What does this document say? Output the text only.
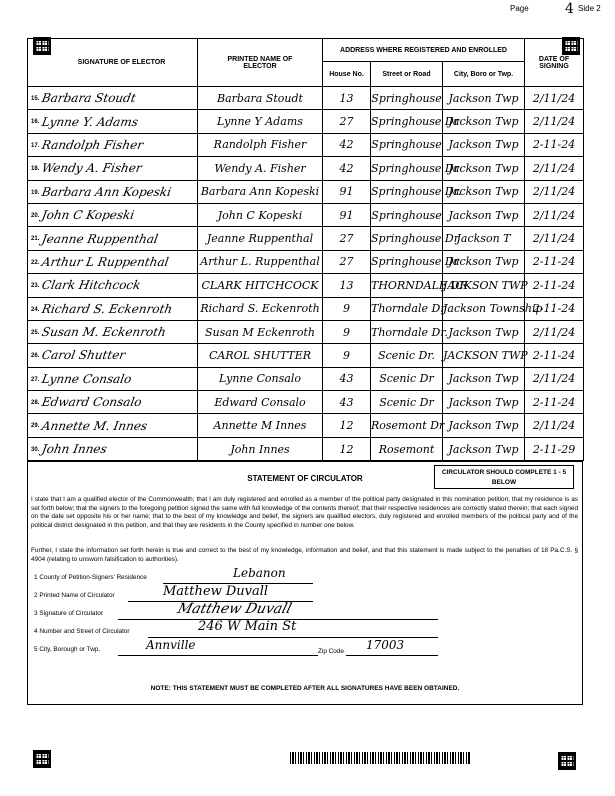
Page	4 Side 2
SIGNATURE OF ELECTOR	PRINTED NAME OF ELECTOR	ADDRESS WHERE REGISTERED AND ENROLLED			DATE OF SIGNING
		House No.	Street or Road	City, Boro or Twp.	

15. Barbara Stoudt	Barbara Stoudt	13	Springhouse	Jackson Twp	2/11/24

16. Lynne Y. Adams	Lynne Y Adams	27	Springhouse Dr	Jackson Twp	2/11/24

17. Randolph Fisher	Randolph Fisher	42	Springhouse	Jackson Twp	2-11-24

18. Wendy A. Fisher	Wendy A. Fisher	42	Springhouse Dr	Jackson Twp	2/11/24

19. Barbara Ann Kopeski	Barbara Ann Kopeski	91	Springhouse Dr.	Jackson Twp	2/11/24

20. John C Kopeski	John C Kopeski	91	Springhouse	Jackson Twp	2/11/24

21. Jeanne Ruppenthal	Jeanne Ruppenthal	27	Springhouse Dr	Jackson T	2/11/24

22. Arthur L Ruppenthal	Arthur L. Ruppenthal	27	Springhouse Dr	Jackson Twp	2-11-24

23. Clark Hitchcock	CLARK HITCHCOCK	13	THORNDALE DR	JACKSON TWP	2-11-24

24. Richard S. Eckenroth	Richard S. Eckenroth	9	Thorndale Dr	Jackson Township	2-11-24

25. Susan M. Eckenroth	Susan M Eckenroth	9	Thorndale Dr.	Jackson Twp	2/11/24

26. Carol Shutter	CAROL SHUTTER	9	Scenic Dr.	JACKSON TWP	2-11-24

27. Lynne Consalo	Lynne Consalo	43	Scenic Dr	Jackson Twp	2/11/24

28. Edward Consalo	Edward Consalo	43	Scenic Dr	Jackson Twp	2-11-24

29. Annette M. Innes	Annette M Innes	12	Rosemont Dr	Jackson Twp	2/11/24

30. John Innes	John Innes	12	Rosemont	Jackson Twp	2-11-29
STATEMENT OF CIRCULATOR
CIRCULATOR SHOULD COMPLETE 1 - 5 BELOW
I state that I am a qualified elector of the Commonwealth; that I am duly registered and enrolled as a member of the political party designated in this nomination petition; that my residence is as set forth below; that the signers to the foregoing petition signed the same with full knowledge of the contents thereof; that their respective residences are correctly stated therein; that each signed on the date set opposite his or her name; that to the best of my knowledge and belief, the signers are qualified electors, duly registered and enrolled members of the political party and of the political district designated in this petition, and that they are residents in the County specified in number one below.
Further, I state the information set forth herein is true and correct to the best of my knowledge, information and belief, and that this statement is made subject to the penalties of 18 Pa.C.S. § 4904 (relating to unsworn falsification to authorities).
1 County of Petition-Signers' Residence	Lebanon
2 Printed Name of Circulator	Matthew Duvall
3 Signature of Circulator	Matthew Duvall
4 Number and Street of Circulator	246 W Main St
5 City, Borough or Twp.	Annville	Zip Code 17003
NOTE: THIS STATEMENT MUST BE COMPLETED AFTER ALL SIGNATURES HAVE BEEN OBTAINED.
